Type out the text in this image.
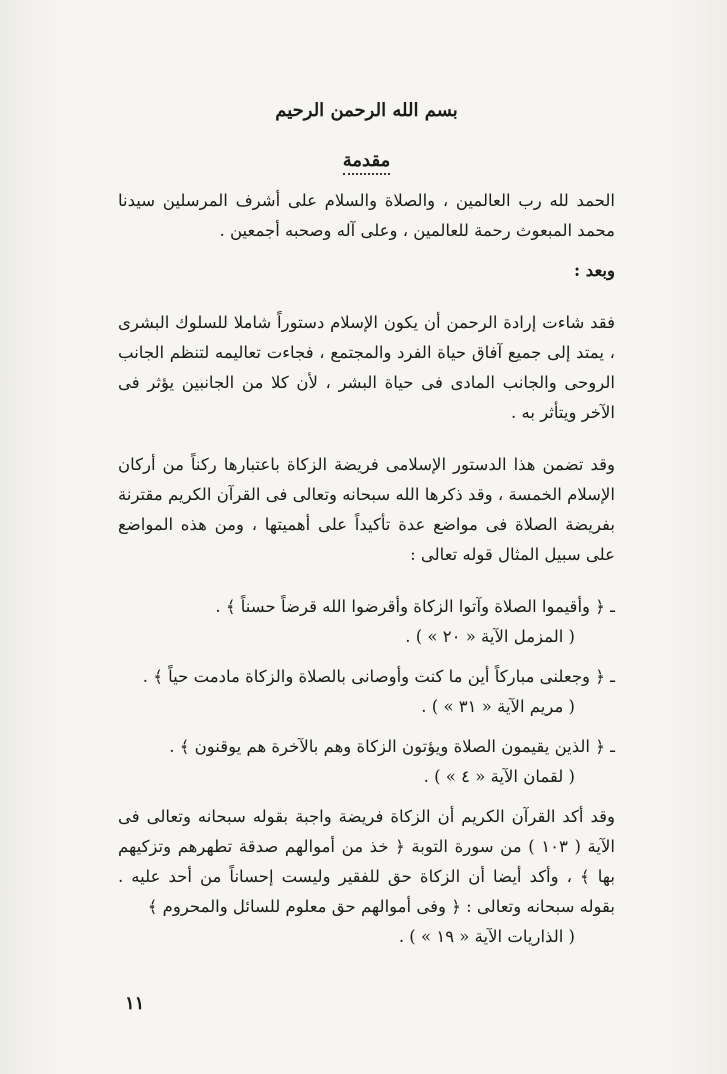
بسم الله الرحمن الرحيم

مقدمة

الحمد لله رب العالمين ، والصلاة والسلام على أشرف المرسلين سيدنا محمد المبعوث رحمة للعالمين ، وعلى آله وصحبه أجمعين .

وبعد :

فقد شاءت إرادة الرحمن أن يكون الإسلام دستوراً شاملا للسلوك البشرى ، يمتد إلى جميع آفاق حياة الفرد والمجتمع ، فجاءت تعاليمه لتنظم الجانب الروحى والجانب المادى فى حياة البشر ، لأن كلا من الجانبين يؤثر فى الآخر ويتأثر به .

وقد تضمن هذا الدستور الإسلامى فريضة الزكاة باعتبارها ركناً من أركان الإسلام الخمسة ، وقد ذكرها الله سبحانه وتعالى فى القرآن الكريم مقترنة بفريضة الصلاة فى مواضع عدة تأكيداً على أهميتها ، ومن هذه المواضع على سبيل المثال قوله تعالى :

ـ ﴿ وأقيموا الصلاة وآتوا الزكاة وأقرضوا الله قرضاً حسناً ﴾ .

( المزمل الآية « ٢٠ » ) .

ـ ﴿ وجعلنى مباركاً أين ما كنت وأوصانى بالصلاة والزكاة مادمت حياً ﴾ .

( مريم الآية « ٣١ » ) .

ـ ﴿ الذين يقيمون الصلاة ويؤتون الزكاة وهم بالآخرة هم يوقنون ﴾ .

( لقمان الآية « ٤ » ) .

وقد أكد القرآن الكريم أن الزكاة فريضة واجبة بقوله سبحانه وتعالى فى الآية ( ١٠٣ ) من سورة التوبة ﴿ خذ من أموالهم صدقة تطهرهم وتزكيهم بها ﴾ ، وأكد أيضا أن الزكاة حق للفقير وليست إحساناً من أحد عليه . بقوله سبحانه وتعالى : ﴿ وفى أموالهم حق معلوم للسائل والمحروم ﴾

( الذاريات الآية « ١٩ » ) .

١١
